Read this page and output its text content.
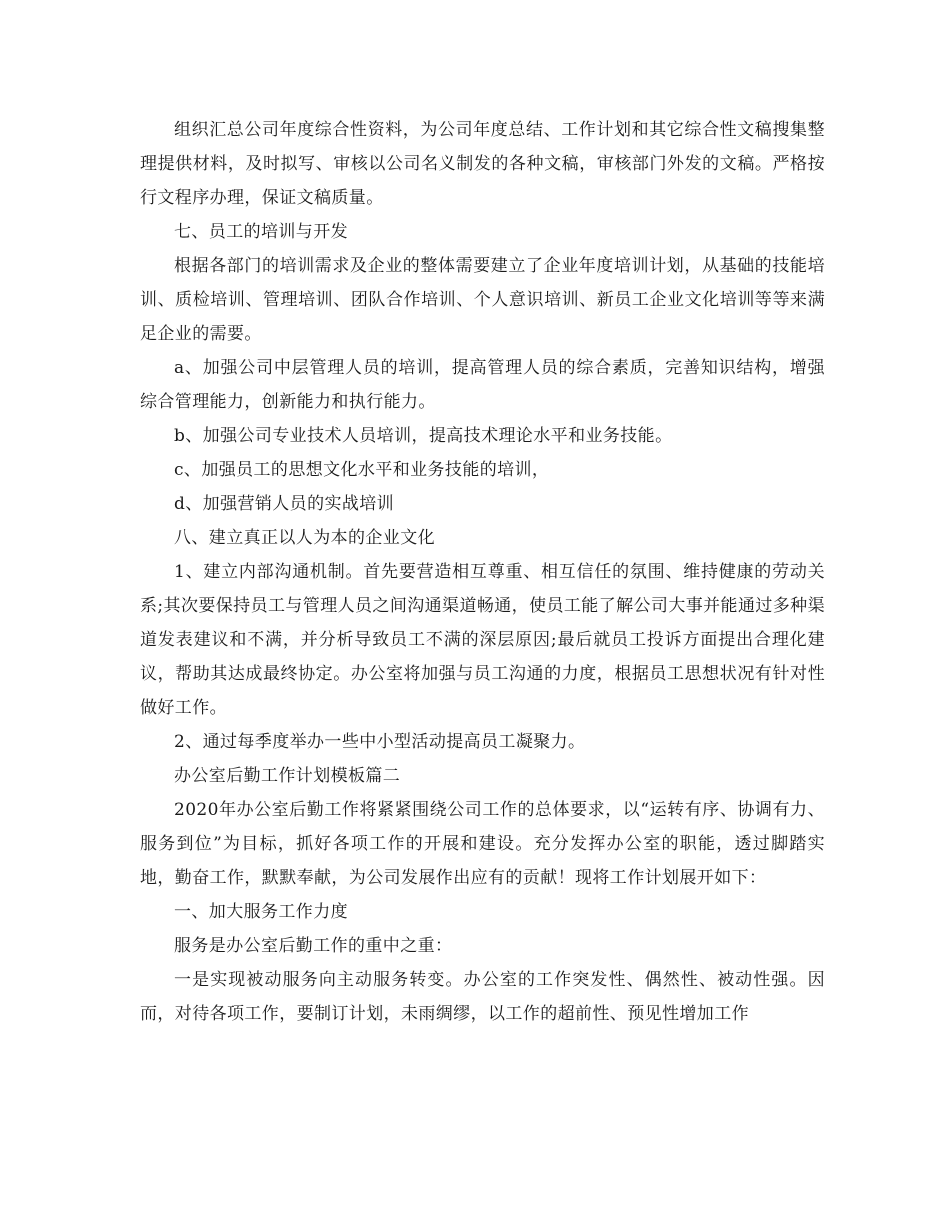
组织汇总公司年度综合性资料，为公司年度总结、工作计划和其它综合性文稿搜集整理提供材料，及时拟写、审核以公司名义制发的各种文稿，审核部门外发的文稿。严格按行文程序办理，保证文稿质量。

七、员工的培训与开发

根据各部门的培训需求及企业的整体需要建立了企业年度培训计划，从基础的技能培训、质检培训、管理培训、团队合作培训、个人意识培训、新员工企业文化培训等等来满足企业的需要。

a、加强公司中层管理人员的培训，提高管理人员的综合素质，完善知识结构，增强综合管理能力，创新能力和执行能力。

b、加强公司专业技术人员培训，提高技术理论水平和业务技能。

c、加强员工的思想文化水平和业务技能的培训，

d、加强营销人员的实战培训

八、建立真正以人为本的企业文化

1、建立内部沟通机制。首先要营造相互尊重、相互信任的氛围、维持健康的劳动关系;其次要保持员工与管理人员之间沟通渠道畅通，使员工能了解公司大事并能通过多种渠道发表建议和不满，并分析导致员工不满的深层原因;最后就员工投诉方面提出合理化建议，帮助其达成最终协定。办公室将加强与员工沟通的力度，根据员工思想状况有针对性做好工作。

2、通过每季度举办一些中小型活动提高员工凝聚力。

办公室后勤工作计划模板篇二

2020年办公室后勤工作将紧紧围绕公司工作的总体要求，以“运转有序、协调有力、服务到位”为目标，抓好各项工作的开展和建设。充分发挥办公室的职能，透过脚踏实地，勤奋工作，默默奉献，为公司发展作出应有的贡献！现将工作计划展开如下：

一、加大服务工作力度

服务是办公室后勤工作的重中之重：

一是实现被动服务向主动服务转变。办公室的工作突发性、偶然性、被动性强。因而，对待各项工作，要制订计划，未雨绸缪，以工作的超前性、预见性增加工作
